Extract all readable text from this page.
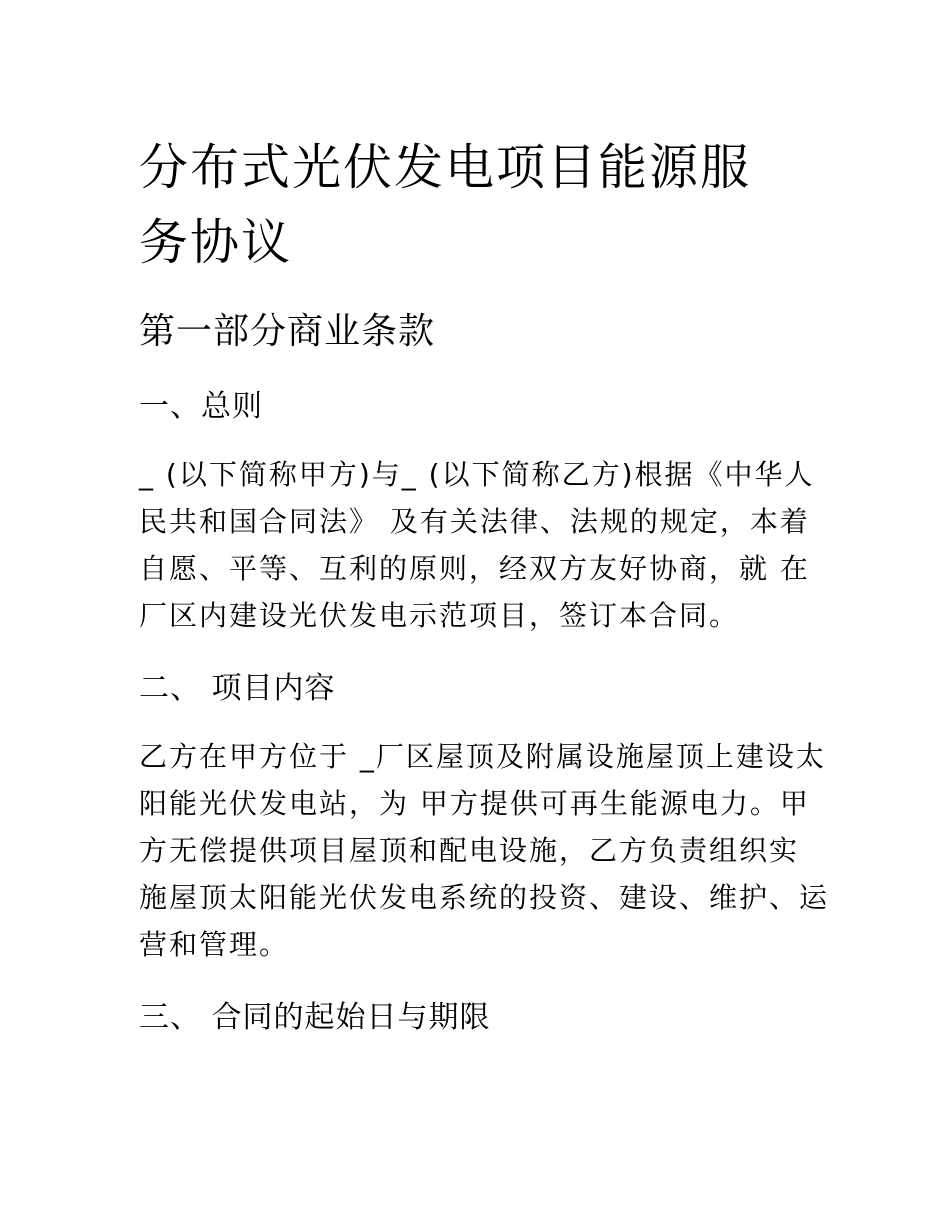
分布式光伏发电项目能源服务协议
第一部分商业条款
一、总则

_ (以下简称甲方)与_ (以下简称乙方)根据《中华人民共和国合同法》 及有关法律、法规的规定，本着自愿、平等、互利的原则，经双方友好协商，就 在 厂区内建设光伏发电示范项目，签订本合同。

二、 项目内容

乙方在甲方位于 _厂区屋顶及附属设施屋顶上建设太阳能光伏发电站，为 甲方提供可再生能源电力。甲方无偿提供项目屋顶和配电设施，乙方负责组织实 施屋顶太阳能光伏发电系统的投资、建设、维护、运营和管理。

三、 合同的起始日与期限
